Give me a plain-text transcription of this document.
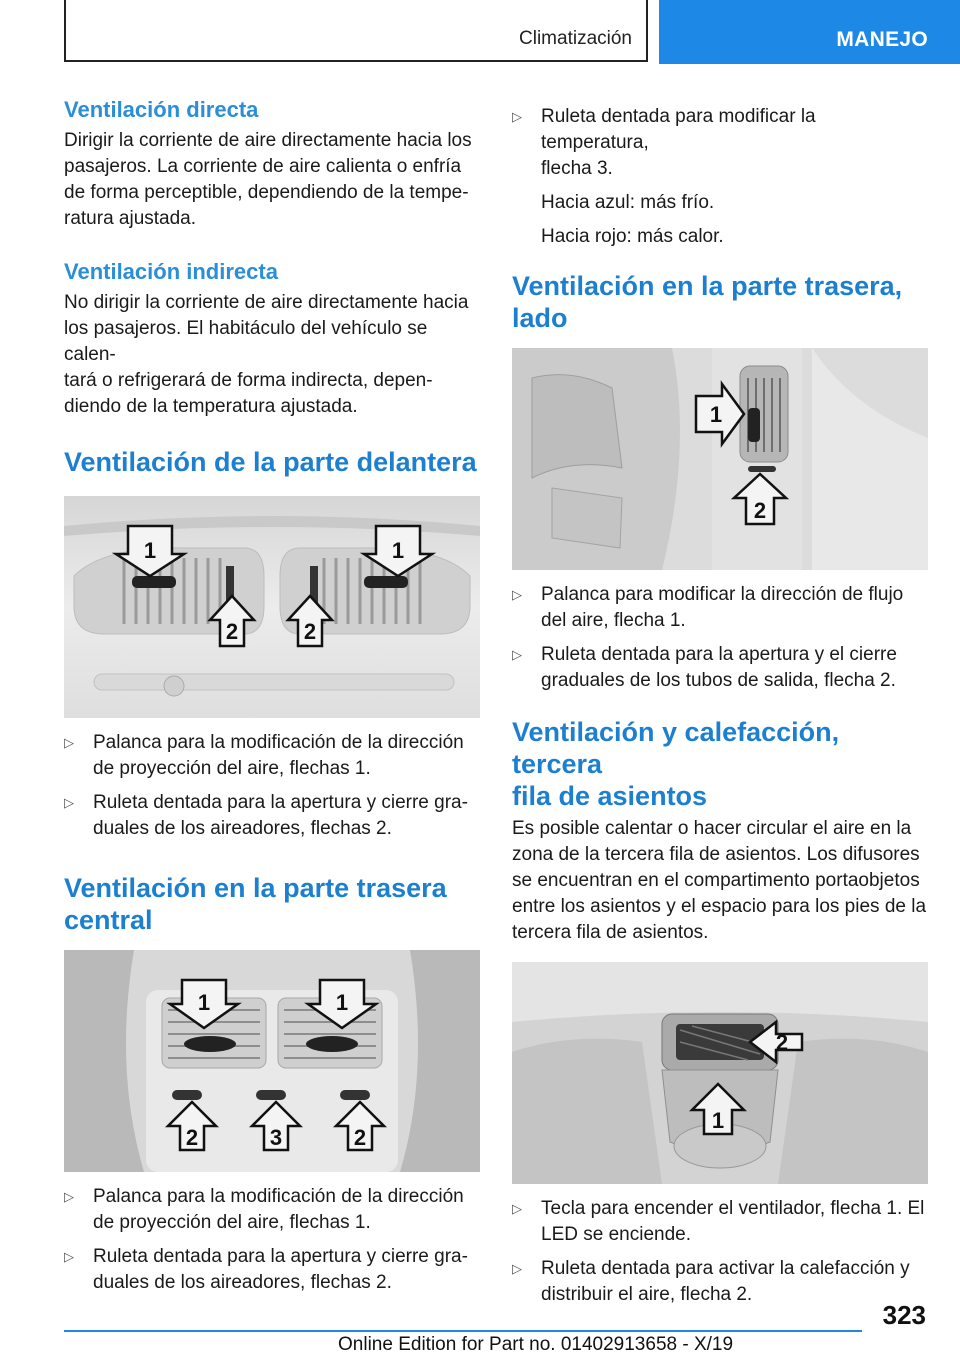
Climatización	MANEJO
Ventilación directa

Dirigir la corriente de aire directamente hacia los
pasajeros. La corriente de aire calienta o enfría
de forma perceptible, dependiendo de la tempe‐
ratura ajustada.

Ventilación indirecta

No dirigir la corriente de aire directamente hacia
los pasajeros. El habitáculo del vehículo se calen‐
tará o refrigerará de forma indirecta, depen‐
diendo de la temperatura ajustada.

Ventilación de la parte delantera
1	1
2	2
▷ Palanca para la modificación de la dirección
de proyección del aire, flechas 1.
▷ Ruleta dentada para la apertura y cierre gra‐
duales de los aireadores, flechas 2.
Ventilación en la parte trasera
central
1	1
2	3	2
▷ Palanca para la modificación de la dirección
de proyección del aire, flechas 1.
▷ Ruleta dentada para la apertura y cierre gra‐
duales de los aireadores, flechas 2.
▷ Ruleta dentada para modificar la temperatura,
flecha 3.
Hacia azul: más frío.
Hacia rojo: más calor.
Ventilación en la parte trasera,
lado
1
2
▷ Palanca para modificar la dirección de flujo
del aire, flecha 1.
▷ Ruleta dentada para la apertura y el cierre
graduales de los tubos de salida, flecha 2.
Ventilación y calefacción, tercera
fila de asientos

Es posible calentar o hacer circular el aire en la
zona de la tercera fila de asientos. Los difusores
se encuentran en el compartimento portaobjetos
entre los asientos y el espacio para los pies de la
tercera fila de asientos.

2
1
▷ Tecla para encender el ventilador, flecha 1. El
LED se enciende.
▷ Ruleta dentada para activar la calefacción y
distribuir el aire, flecha 2.
323
Online Edition for Part no. 01402913658 - X/19
